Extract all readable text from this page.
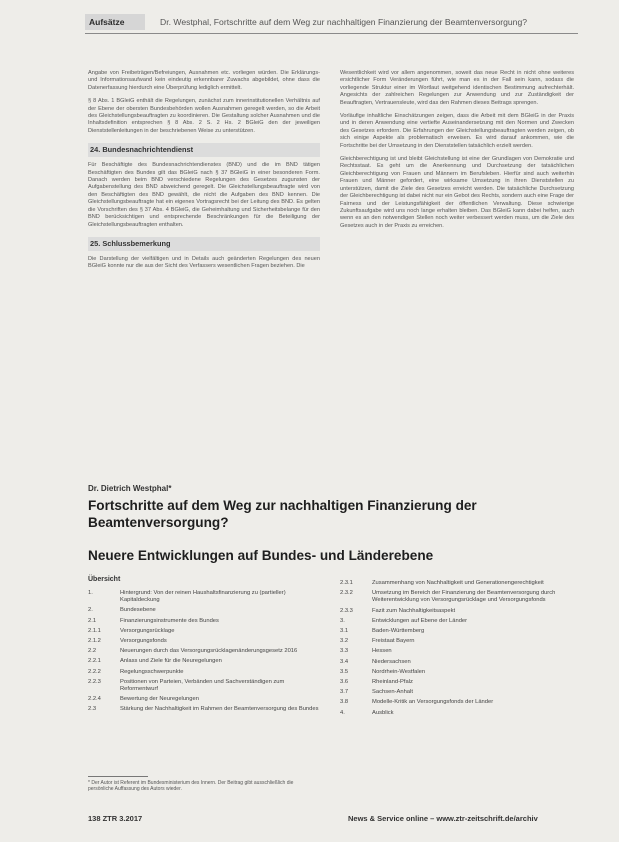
Aufsätze	Dr. Westphal, Fortschritte auf dem Weg zur nachhaltigen Finanzierung der Beamtenversorgung?

Angabe von Freibeträgen/Befreiungen, Ausnahmen etc. vorliegen würden. Die Erklärungs- und Informationsaufwand kein eindeutig erkennbarer Zuwachs abgebildet, ohne dass die Datenerfassung hierdurch eine Überprüfung lediglich ermittelt.

§ 8 Abs. 1 BGleiG enthält die Regelungen, zunächst zum innerinstitutionellen Verhältnis auf der Ebene der obersten Bundesbehörden wollen Ausnahmen geregelt werden, so die Arbeit des Gleichstellungsbeauftragten zu koordinieren. Die Gestaltung solcher Ausnahmen und die Inhaltsdefinition entsprechen § 8 Abs. 2 S. 2 Hs. 2 BGleiG den der jeweiligen Dienststellenleitungen in der beschriebenen Weise zu unterstützen.

24. Bundesnachrichtendienst

Für Beschäftigte des Bundesnachrichtendienstes (BND) und die im BND tätigen Beschäftigten des Bundes gilt das BGleiG nach § 37 BGleiG in einer besonderen Form. Danach werden beim BND verschiedene Regelungen des Gesetzes zugunsten der Aufgabenstellung des BND abweichend geregelt. Die Gleichstellungsbeauftragte wird von den Beschäftigten des BND gewählt, die nicht die Aufgaben des BND kennen. Die Gleichstellungsbeauftragte hat ein eigenes Vortragsrecht bei der Leitung des BND. Es gelten die Vorschriften des § 37 Abs. 4 BGleiG, die Geheimhaltung und Sicherheitsbelange für den BND berücksichtigen und entsprechende Beschränkungen für die Beteiligung der Gleichstellungsbeauftragten enthalten.

25. Schlussbemerkung

Die Darstellung der vielfältigen und in Details auch geänderten Regelungen des neuen BGleiG konnte nur die aus der Sicht des Verfassers wesentlichen Fragen beziehen. Die

Wesentlichkeit wird vor allem angenommen, soweit das neue Recht in nicht ohne weiteres ersichtlicher Form Veränderungen führt, wie man es in der Fall sein kann, sodass die vorliegende Struktur einer im Wortlaut weitgehend identischen Bestimmung aufrechterhält. Angesichts der zahlreichen Regelungen zur Anwendung und zur Zuständigkeit der Beauftragten, Vertrauensleute, wird das den Rahmen dieses Beitrags sprengen.

Vorläufige inhaltliche Einschätzungen zeigen, dass die Arbeit mit dem BGleiG in der Praxis und in deren Anwendung eine vertiefte Auseinandersetzung mit den Normen und Zwecken des Gesetzes erfordern. Die Erfahrungen der Gleichstellungsbeauftragten werden zeigen, ob sich einige Aspekte als problematisch erweisen. Es wird darauf ankommen, wie die Fortschritte bei der Umsetzung in den Dienststellen tatsächlich erzielt werden.

Gleichberechtigung ist und bleibt Gleichstellung ist eine der Grundlagen von Demokratie und Rechtsstaat. Es geht um die Anerkennung und Durchsetzung der tatsächlichen Gleichberechtigung von Frauen und Männern im Berufsleben. Hierfür sind auch weiterhin Frauen und Männer gefordert, eine wirksame Umsetzung in ihren Dienststellen zu unterstützen, damit die Ziele des Gesetzes erreicht werden. Die tatsächliche Durchsetzung der Gleichberechtigung ist dabei nicht nur ein Gebot des Rechts, sondern auch eine Frage der Fairness und der Leistungsfähigkeit der öffentlichen Verwaltung. Diese schwierige Zukunftsaufgabe wird uns noch lange erhalten bleiben. Das BGleiG kann dabei helfen, auch wenn es an den notwendigen Stellen noch weiter verbessert werden muss, um die Ziele des Gesetzes auch in der Praxis zu erreichen.

Dr. Dietrich Westphal*
Fortschritte auf dem Weg zur nachhaltigen Finanzierung der Beamtenversorgung?
Neuere Entwicklungen auf Bundes- und Länderebene
Übersicht
1.	Hintergrund: Von der reinen Haushaltsfinanzierung zu (partieller) Kapitaldeckung
2.	Bundesebene
2.1	Finanzierungsinstrumente des Bundes
2.1.1	Versorgungsrücklage
2.1.2	Versorgungsfonds
2.2	Neuerungen durch das Versorgungsrücklagenänderungsgesetz 2016
2.2.1	Anlass und Ziele für die Neuregelungen
2.2.2	Regelungsschwerpunkte
2.2.3	Positionen von Parteien, Verbänden und Sachverständigen zum Reformentwurf
2.2.4	Bewertung der Neuregelungen
2.3	Stärkung der Nachhaltigkeit im Rahmen der Beamtenversorgung des Bundes
2.3.1	Zusammenhang von Nachhaltigkeit und Generationengerechtigkeit
2.3.2	Umsetzung im Bereich der Finanzierung der Beamtenversorgung durch Weiterentwicklung von Versorgungsrücklage und Versorgungsfonds
2.3.3	Fazit zum Nachhaltigkeitsaspekt
3.	Entwicklungen auf Ebene der Länder
3.1	Baden-Württemberg
3.2	Freistaat Bayern
3.3	Hessen
3.4	Niedersachsen
3.5	Nordrhein-Westfalen
3.6	Rheinland-Pfalz
3.7	Sachsen-Anhalt
3.8	Modelle-Kritik an Versorgungsfonds der Länder
4.	Ausblick
* Der Autor ist Referent im Bundesministerium des Innern. Der Beitrag gibt ausschließlich die persönliche Auffassung des Autors wieder.
138 ZTR 3.2017	News & Service online – www.ztr-zeitschrift.de/archiv
